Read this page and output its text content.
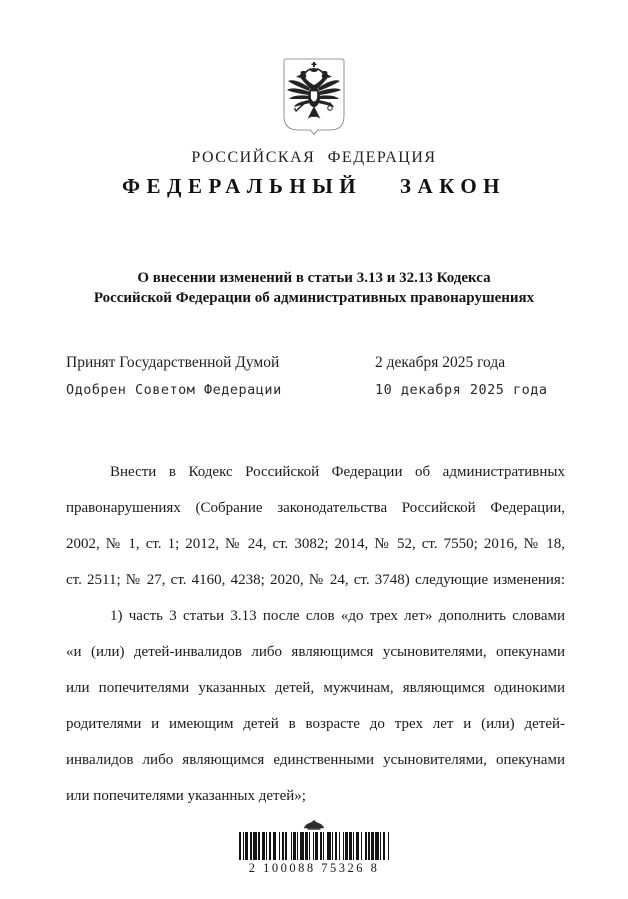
РОССИЙСКАЯ ФЕДЕРАЦИЯ
ФЕДЕРАЛЬНЫЙ ЗАКОН
О внесении изменений в статьи 3.13 и 32.13 Кодекса
Российской Федерации об административных правонарушениях
Принят Государственной Думой	2 декабря 2025 года
Одобрен Советом Федерации	10 декабря 2025 года
Внести в Кодекс Российской Федерации об административных
правонарушениях (Собрание законодательства Российской Федерации,
2002, № 1, ст. 1; 2012, № 24, ст. 3082; 2014, № 52, ст. 7550; 2016, № 18,
ст. 2511; № 27, ст. 4160, 4238; 2020, № 24, ст. 3748) следующие изменения:
1) часть 3 статьи 3.13 после слов «до трех лет» дополнить словами
«и (или) детей-инвалидов либо являющимся усыновителями, опекунами
или попечителями указанных детей, мужчинам, являющимся одинокими
родителями и имеющим детей в возрасте до трех лет и (или) детей-
инвалидов либо являющимся единственными усыновителями, опекунами
или попечителями указанных детей»;
2 100088 75326 8
